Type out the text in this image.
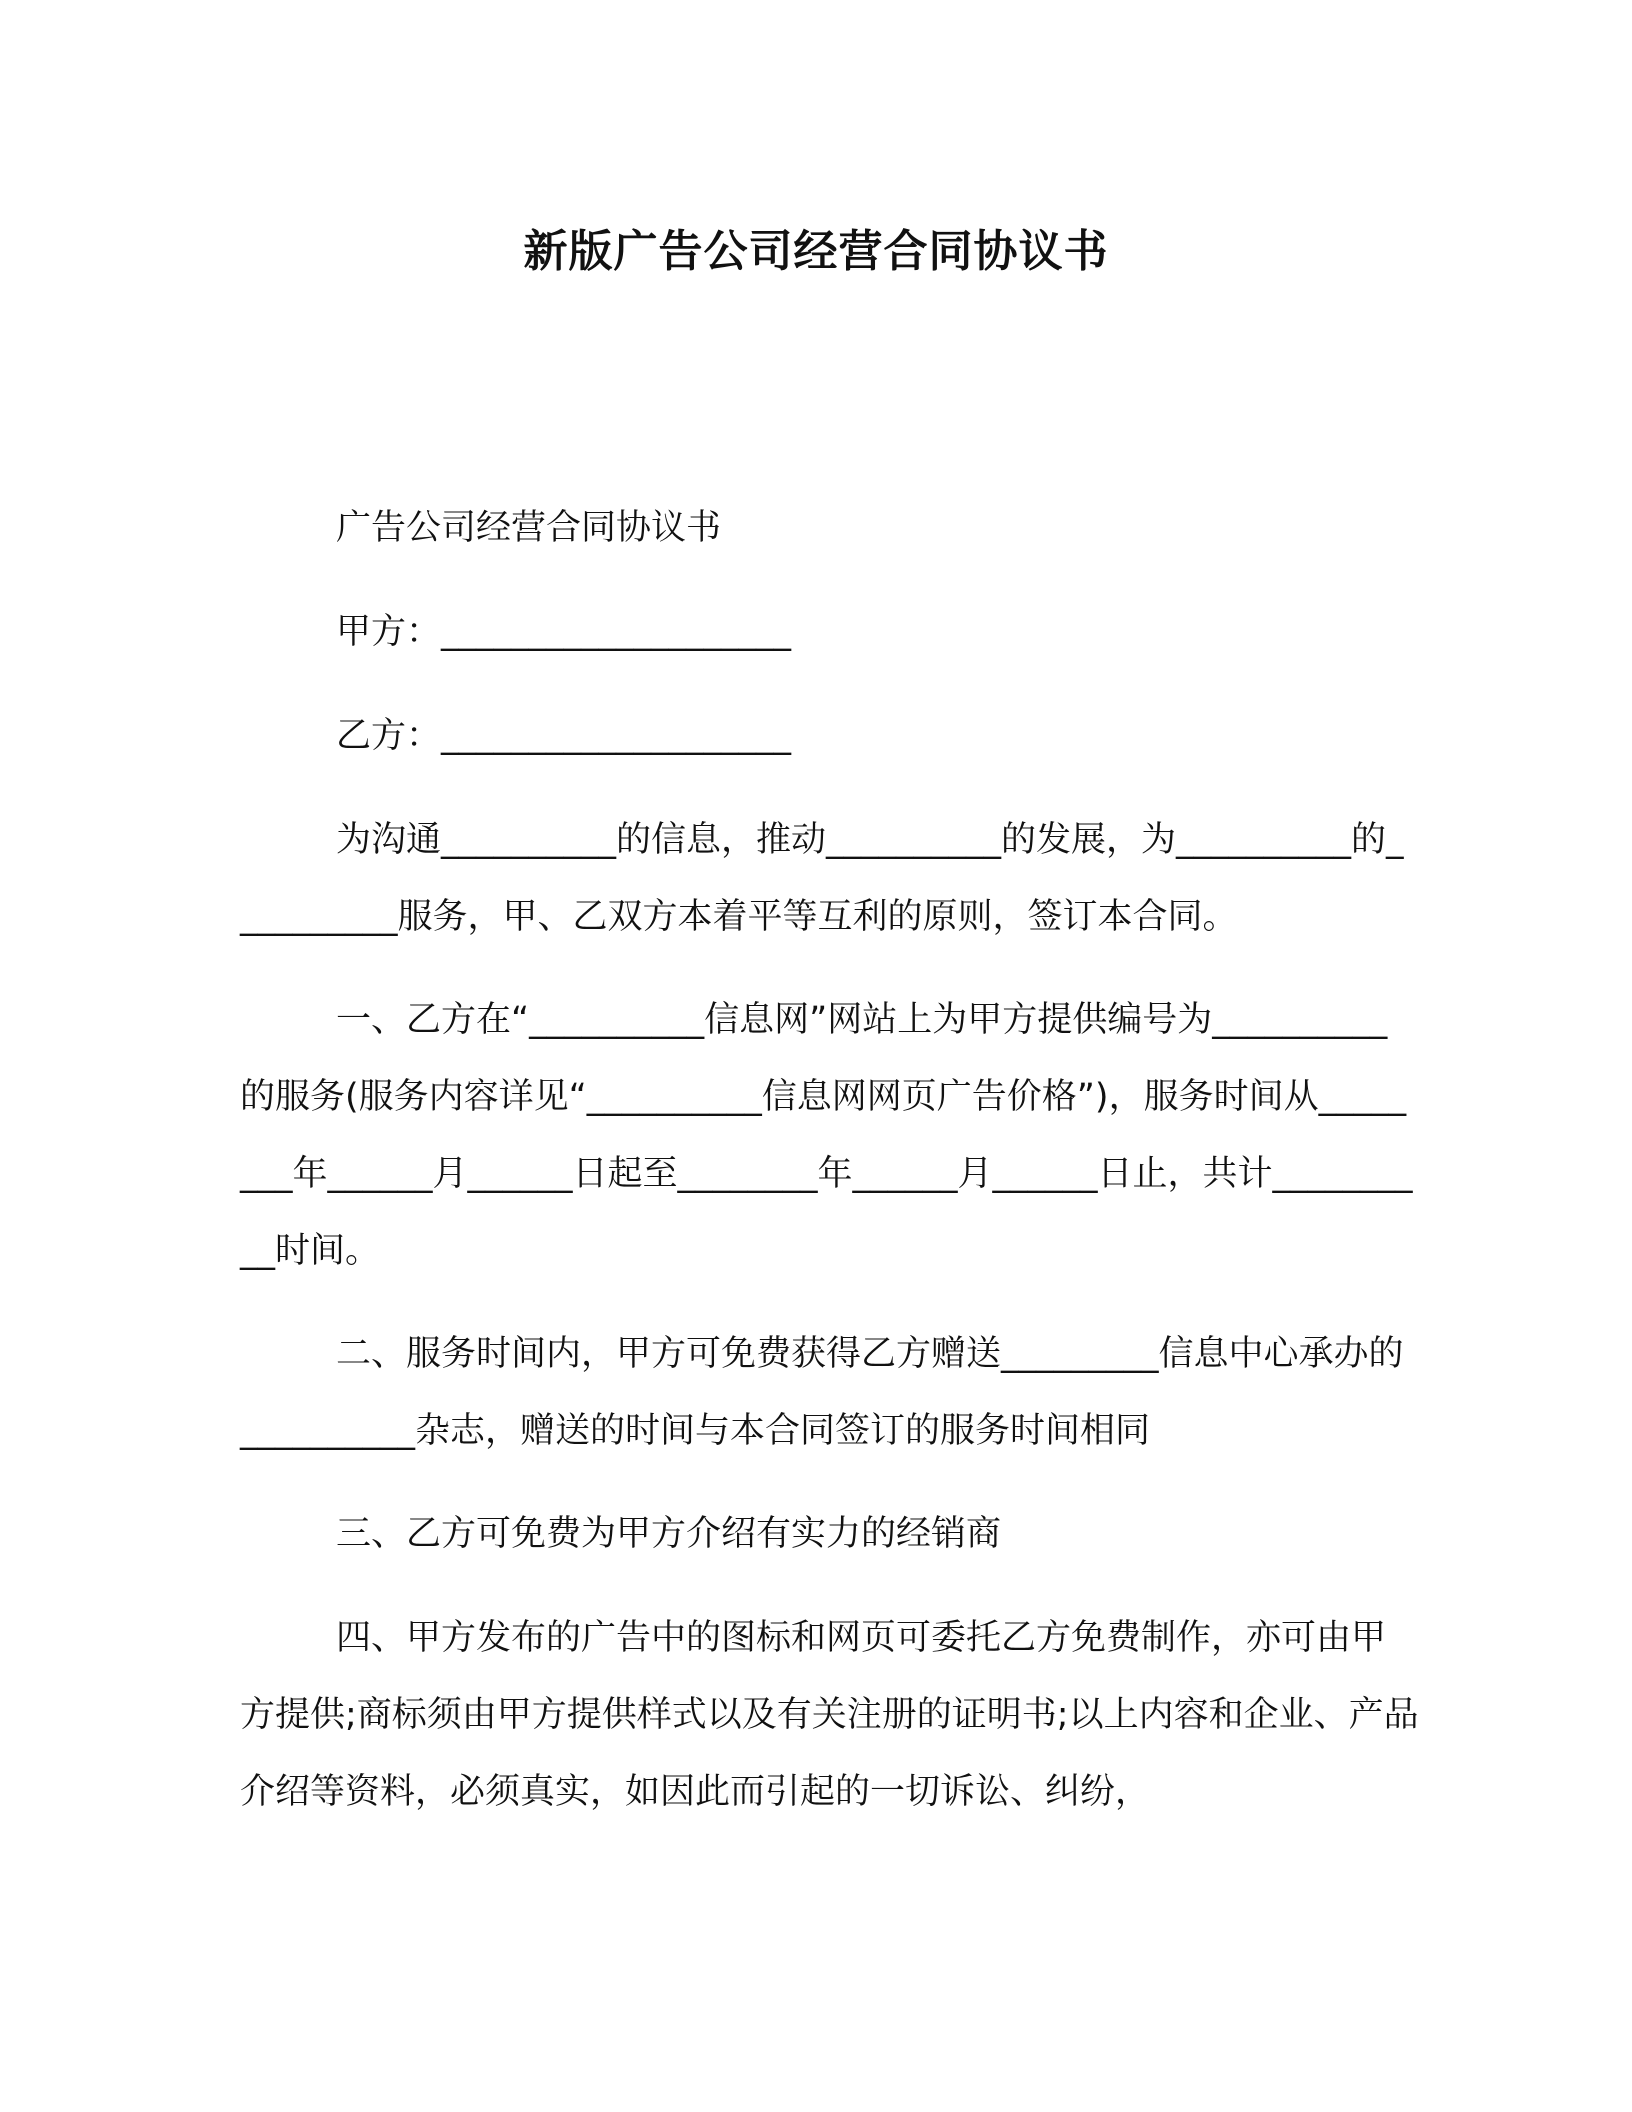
新版广告公司经营合同协议书

广告公司经营合同协议书

甲方：____________________

乙方：____________________

为沟通__________的信息，推动__________的发展，为__________的__________服务，甲、乙双方本着平等互利的原则，签订本合同。

一、乙方在“__________信息网”网站上为甲方提供编号为__________的服务(服务内容详见“__________信息网网页广告价格”)，服务时间从________年______月______日起至________年______月______日止，共计__________时间。

二、服务时间内，甲方可免费获得乙方赠送_________信息中心承办的__________杂志，赠送的时间与本合同签订的服务时间相同

三、乙方可免费为甲方介绍有实力的经销商

四、甲方发布的广告中的图标和网页可委托乙方免费制作，亦可由甲方提供;商标须由甲方提供样式以及有关注册的证明书;以上内容和企业、产品介绍等资料，必须真实，如因此而引起的一切诉讼、纠纷，
